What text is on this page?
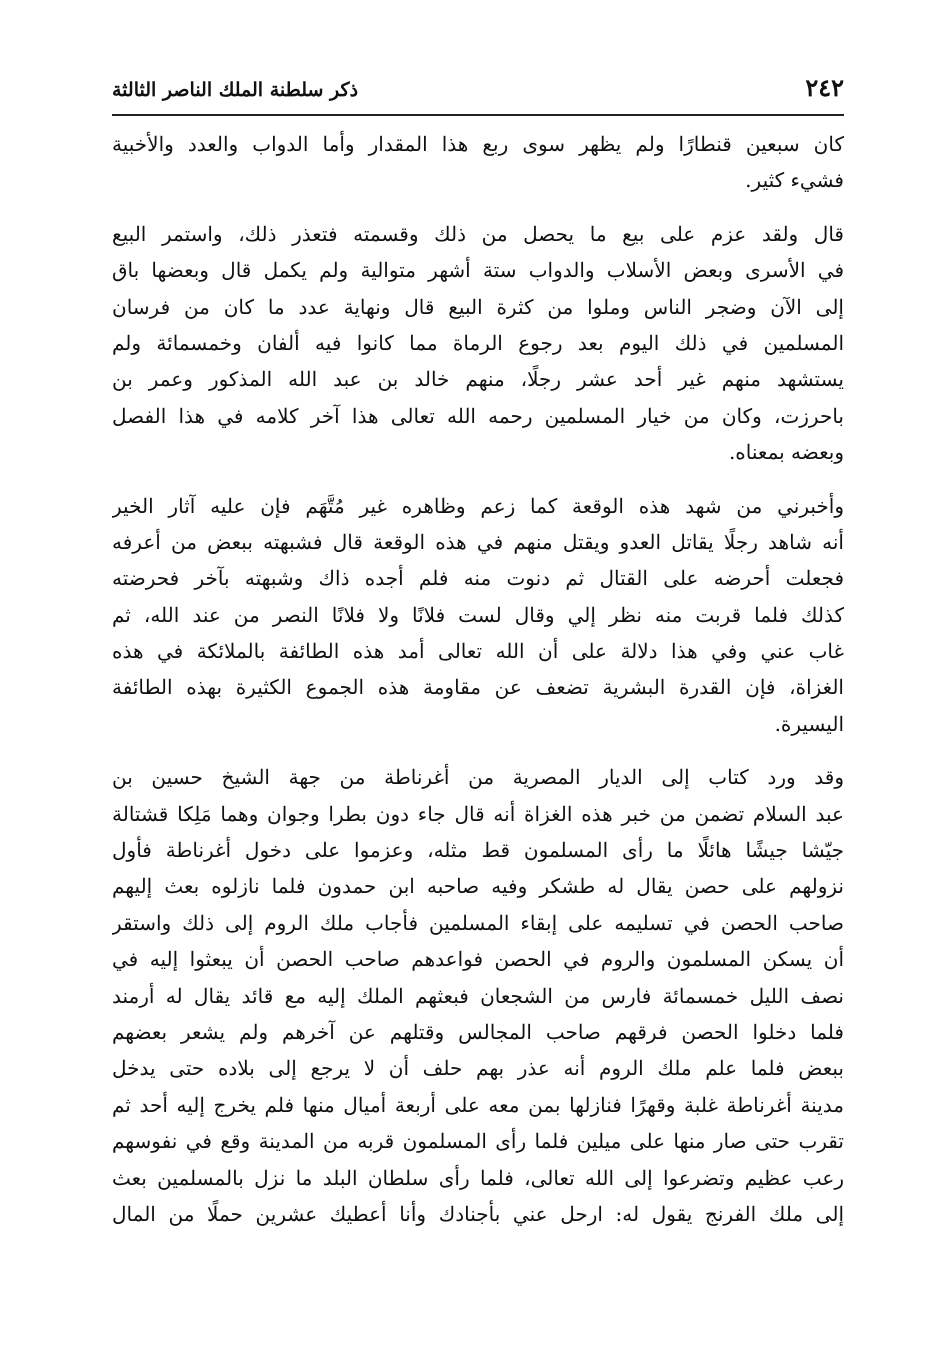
٢٤٢
ذكر سلطنة الملك الناصر الثالثة
كان سبعين قنطارًا ولم يظهر سوى ربع هذا المقدار وأما الدواب والعدد والأخبية
فشيء كثير.
قال ولقد عزم على بيع ما يحصل من ذلك وقسمته فتعذر ذلك، واستمر البيع
في الأسرى وبعض الأسلاب والدواب ستة أشهر متوالية ولم يكمل قال وبعضها باق
إلى الآن وضجر الناس وملوا من كثرة البيع قال ونهاية عدد ما كان من فرسان
المسلمين في ذلك اليوم بعد رجوع الرماة مما كانوا فيه ألفان وخمسمائة ولم
يستشهد منهم غير أحد عشر رجلًا، منهم خالد بن عبد الله المذكور وعمر بن
باحرزت، وكان من خيار المسلمين رحمه الله تعالى هذا آخر كلامه في هذا الفصل
وبعضه بمعناه.
وأخبرني من شهد هذه الوقعة كما زعم وظاهره غير مُتَّهَم فإن عليه آثار الخير
أنه شاهد رجلًا يقاتل العدو ويقتل منهم في هذه الوقعة قال فشبهته ببعض من أعرفه
فجعلت أحرضه على القتال ثم دنوت منه فلم أجده ذاك وشبهته بآخر فحرضته
كذلك فلما قربت منه نظر إلي وقال لست فلانًا ولا فلانًا النصر من عند الله، ثم
غاب عني وفي هذا دلالة على أن الله تعالى أمد هذه الطائفة بالملائكة في هذه
الغزاة، فإن القدرة البشرية تضعف عن مقاومة هذه الجموع الكثيرة بهذه الطائفة
اليسيرة.
وقد ورد كتاب إلى الديار المصرية من أغرناطة من جهة الشيخ حسين بن
عبد السلام تضمن من خبر هذه الغزاة أنه قال جاء دون بطرا وجوان وهما مَلِكا قشتالة
جيّشا جيشًا هائلًا ما رأى المسلمون قط مثله، وعزموا على دخول أغرناطة فأول
نزولهم على حصن يقال له طشكر وفيه صاحبه ابن حمدون فلما نازلوه بعث إليهم
صاحب الحصن في تسليمه على إبقاء المسلمين فأجاب ملك الروم إلى ذلك واستقر
أن يسكن المسلمون والروم في الحصن فواعدهم صاحب الحصن أن يبعثوا إليه في
نصف الليل خمسمائة فارس من الشجعان فبعثهم الملك إليه مع قائد يقال له أرمند
فلما دخلوا الحصن فرقهم صاحب المجالس وقتلهم عن آخرهم ولم يشعر بعضهم
ببعض فلما علم ملك الروم أنه عذر بهم حلف أن لا يرجع إلى بلاده حتى يدخل
مدينة أغرناطة غلبة وقهرًا فنازلها بمن معه على أربعة أميال منها فلم يخرج إليه أحد ثم
تقرب حتى صار منها على ميلين فلما رأى المسلمون قربه من المدينة وقع في نفوسهم
رعب عظيم وتضرعوا إلى الله تعالى، فلما رأى سلطان البلد ما نزل بالمسلمين بعث
إلى ملك الفرنج يقول له: ارحل عني بأجنادك وأنا أعطيك عشرين حملًا من المال
